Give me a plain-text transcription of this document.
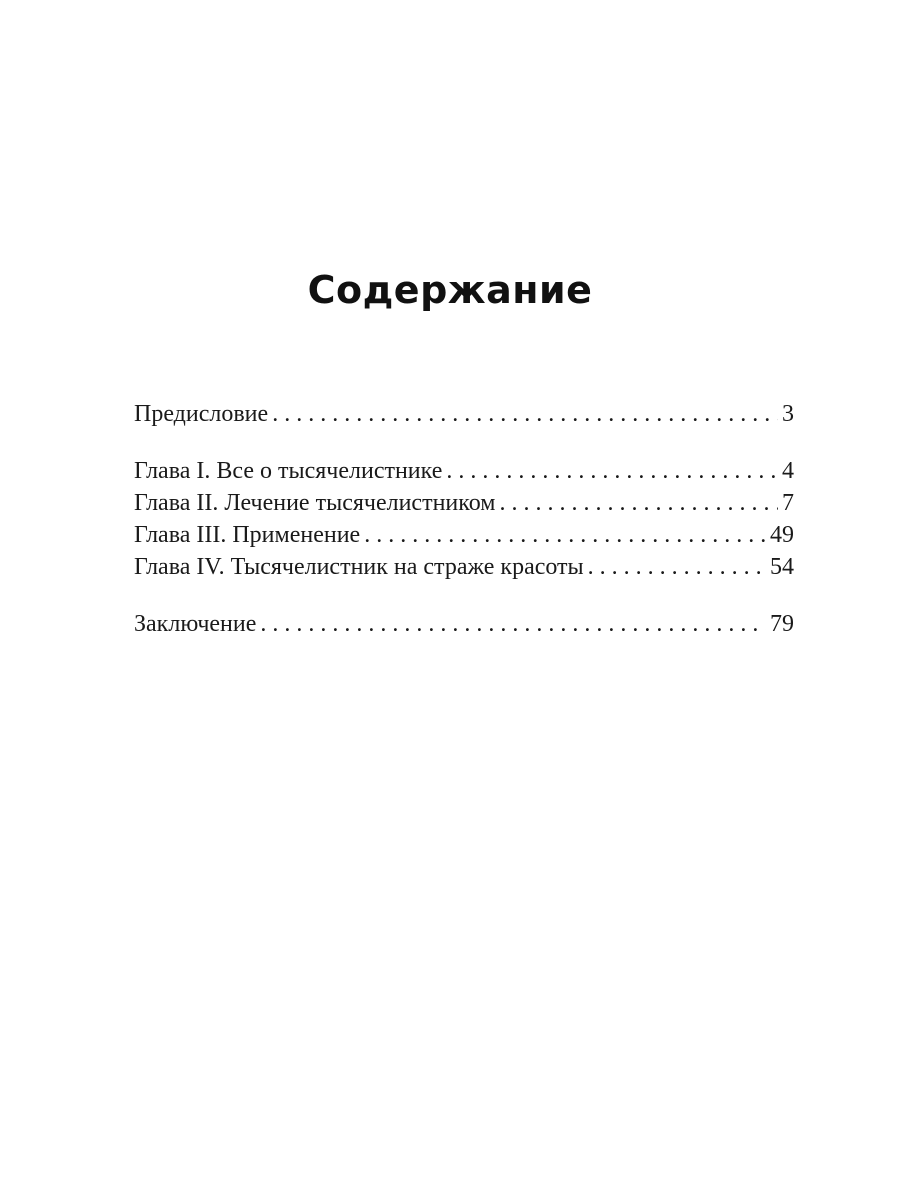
Содержание
Предисловие . . .	3
Глава I. Все о тысячелистнике . . .	4
Глава II. Лечение тысячелистником . . .	7
Глава III. Применение . . .	49
Глава IV. Тысячелистник на страже красоты . . .	54
Заключение . . .	79
